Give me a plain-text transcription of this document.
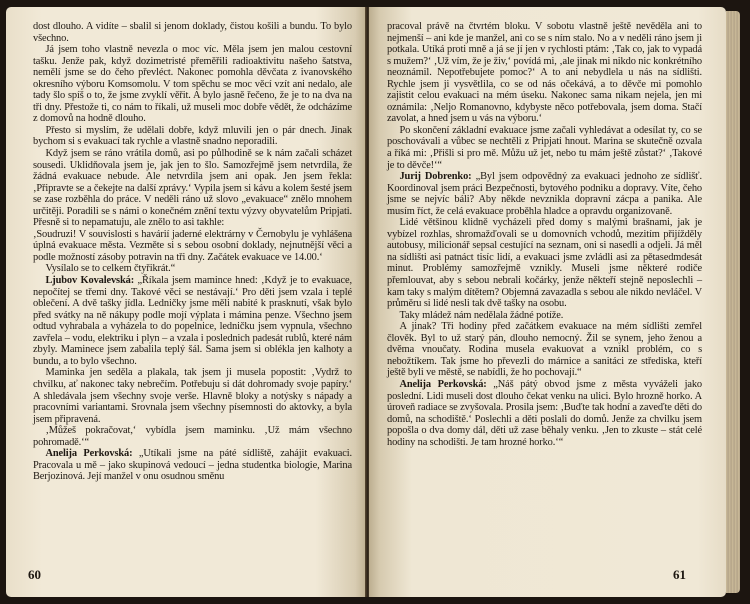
dost dlouho. A vidíte – sbalil si jenom doklady, čistou košili a bundu. To bylo všechno.

Já jsem toho vlastně nevezla o moc víc. Měla jsem jen malou cestovní tašku. Jenže pak, když dozimetristé přeměřili radioaktivitu našeho šatstva, nemělí jsme se do čeho převléct. Nakonec pomohla děvčata z ivanovského okresního výboru Komsomolu. V tom spěchu se moc věcí vzít ani nedalo, ale tady šlo spíš o to, že jsme zvyklí věřit. A bylo jasně řečeno, že je to na dva na tři dny. Přestože ti, co nám to říkali, už museli moc dobře vědět, že odcházíme z domovů na hodně dlouho.

Přesto si myslím, že udělali dobře, když mluvili jen o pár dnech. Jinak bychom si s evakuací tak rychle a vlastně snadno neporadili.

Když jsem se ráno vrátila domů, asi po půlhodině se k nám začali scházet sousedi. Uklidňovala jsem je, jak jen to šlo. Samozřejmě jsem netvrdila, že žádná evakuace nebude. Ale netvrdila jsem ani opak. Jen jsem řekla: ‚Připravte se a čekejte na další zprávy.‘ Vypila jsem si kávu a kolem šesté jsem se zase rozběhla do práce. V neděli ráno už slovo „evakuace“ znělo mnohem určitěji. Poradili se s námi o konečném znění textu výzvy obyvatelům Pripjati. Přesně si to nepamatuju, ale znělo to asi takhle:

‚Soudruzi! V souvislosti s havárií jaderné elektrárny v Černobylu je vyhlášena úplná evakuace města. Vezměte si s sebou osobní doklady, nejnutnější věci a podle možností zásoby potravin na tři dny. Začátek evakuace ve 14.00.‘

Vysílalo se to celkem čtyřikrát.“

Ljubov Kovalevská: „Říkala jsem mamince hned: ‚Když je to evakuace, nepočítej se třemi dny. Takové věci se nestávají.‘ Pro děti jsem vzala i teplé oblečení. A dvě tašky jídla. Ledničky jsme měli nabité k prasknutí, však bylo před svátky na ně nákupy podle mojí výplata i mámina penze. Všechno jsem odtud vyhrabala a vyházela to do popelnice, ledničku jsem vypnula, všechno zavřela – vodu, elektriku i plyn – a vzala i poslednich padesát rublů, které nám zbyly. Maminece jsem zabalila teplý šál. Sama jsem si oblékla jen kalhoty a bundu, a to bylo všechno.

Maminka jen seděla a plakala, tak jsem ji musela popostit: ‚Vydrž to chvilku, ať nakonec taky nebrečím. Potřebuju si dát dohromady svoje papíry.‘ A shledávala jsem všechny svoje verše. Hlavně bloky a notýsky s nápady a pracovními variantami. Srovnala jsem všechny písemnosti do aktovky, a byla jsem připravená.

‚Můžeš pokračovat,‘ vybídla jsem maminku. ‚Už mám všechno pohromadě.‘“

Anelija Perkovská: „Utíkali jsme na páté sídliště, zahájit evakuaci. Pracovala u mě – jako skupinová vedoucí – jedna studentka biologie, Marina Berjozinová. Její manžel v onu osudnou směnu

60

pracoval právě na čtvrtém bloku. V sobotu vlastně ještě nevěděla ani to nejmenší – ani kde je manžel, ani co se s ním stalo. No a v neděli ráno jsem ji potkala. Utíká proti mně a já se jí jen v rychlosti ptám: ‚Tak co, jak to vypadá s mužem?‘ ‚Už vím, že je živ,‘ povídá mi, ‚ale jinak mi nikdo nic konkrétního neoznámil. Nepotřebujete pomoc?‘ A to ani nebydlela u nás na sídlišti. Rychle jsem ji vysvětlila, co se od nás očekává, a to děvče mi pomohlo zajistit celou evakuaci na mém úseku. Nakonec sama nikam nejela, jen mi oznámila: ‚Neljo Romanovno, kdybyste něco potřebovala, jsem doma. Stačí zavolat, a hned jsem u vás na výboru.‘

Po skončení základní evakuace jsme začali vyhledávat a odesílat ty, co se poschovávali a vůbec se nechtěli z Pripjati hnout. Marina se skutečně ozvala a říká mi: ‚Přišli si pro mě. Můžu už jet, nebo tu mám ještě zůstat?‘ ‚Takové je to děvče!‘“

Jurij Dobrenko: „Byl jsem odpovědný za evakuaci jednoho ze sídlišť. Koordinoval jsem práci Bezpečnosti, bytového podniku a dopravy. Víte, čeho jsme se nejvíc báli? Aby někde nevznikla dopravní zácpa a panika. Ale musím říct, že celá evakuace proběhla hladce a opravdu organizovaně.

Lidé většinou klidně vycházeli před domy s malými brašnami, jak je vybízel rozhlas, shromažďovali se u domovních vchodů, mezitím přijížděly autobusy, milicionář sepsal cestující na seznam, oni si nasedli a odjeli. Já měl na sídlišti asi patnáct tisíc lidí, a evakuaci jsme zvládli asi za pětasedmdesát minut. Problémy samozřejmě vznikly. Museli jsme některé rodiče přemlouvat, aby s sebou nebrali kočárky, jenže někteří stejně neposlechli – kam taky s malým dítětem? Objemná zavazadla s sebou ale nikdo nevláčel. V průměru si lidé nesli tak dvě tašky na osobu.

Taky mládež nám nedělala žádné potíže.

A jinak? Tři hodiny před začátkem evakuace na mém sídlišti zemřel člověk. Byl to už starý pán, dlouho nemocný. Žil se synem, jeho ženou a dvěma vnoučaty. Rodina musela evakuovat a vznikl problém, co s nebožtíkem. Tak jsme ho převezli do márnice a sanitáci ze střediska, kteří ještě byli ve městě, se nabídli, že ho pochovají.“

Anelija Perkovská: „Náš pátý obvod jsme z města vyváželi jako poslední. Lidi museli dost dlouho čekat venku na ulici. Bylo hrozně horko. A úroveň radiace se zvyšovala. Prosila jsem: ‚Buďte tak hodní a zaveďte děti do domů, na schodiště.‘ Poslechli a děti poslali do domů. Jenže za chvilku jsem popošla o dva domy dál, děti už zase běhaly venku. ‚Jen to zkuste – stát celé hodiny na schodišti. Je tam hrozné horko.‘“

61
